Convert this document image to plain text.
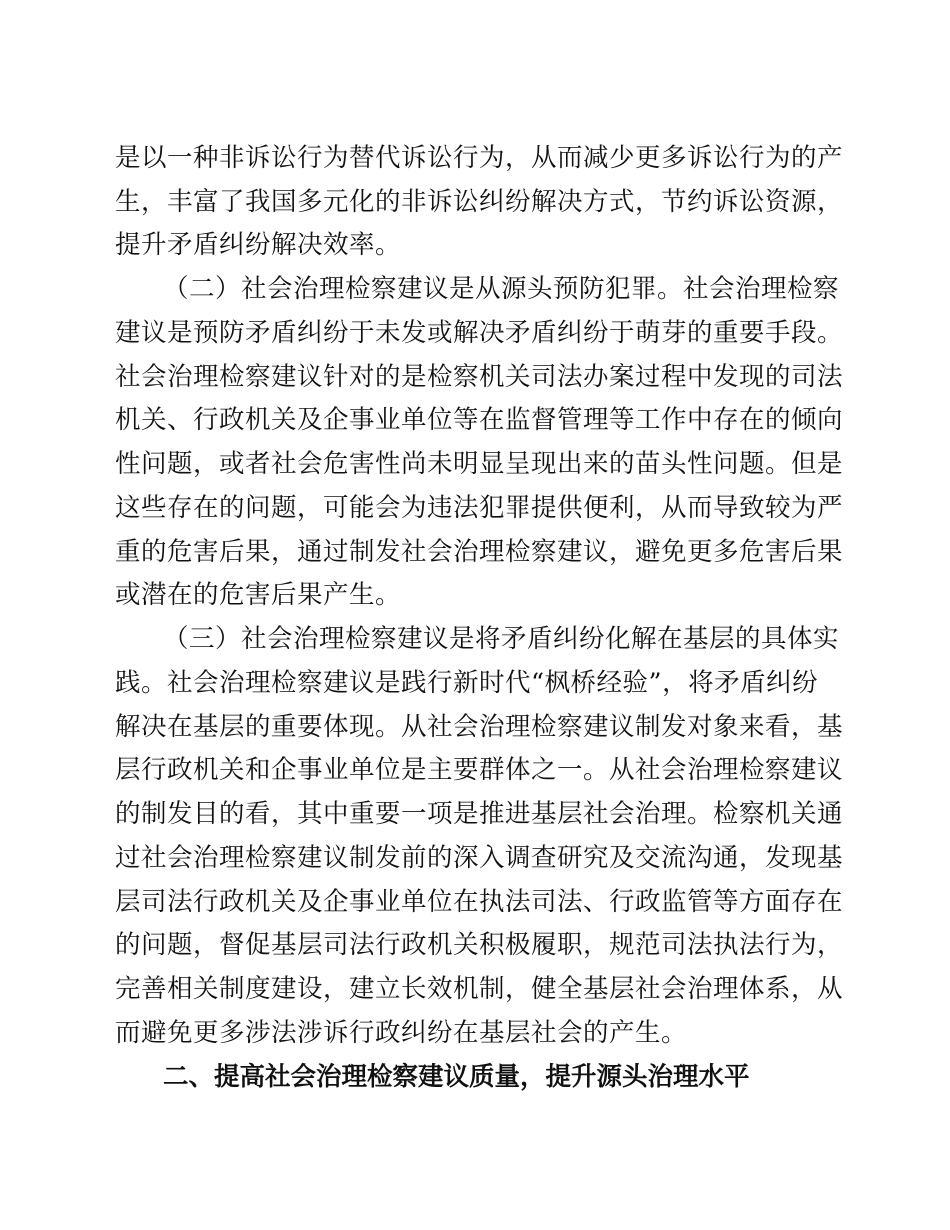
是以一种非诉讼行为替代诉讼行为，从而减少更多诉讼行为的产
生，丰富了我国多元化的非诉讼纠纷解决方式，节约诉讼资源，
提升矛盾纠纷解决效率。
（二）社会治理检察建议是从源头预防犯罪。社会治理检察
建议是预防矛盾纠纷于未发或解决矛盾纠纷于萌芽的重要手段。
社会治理检察建议针对的是检察机关司法办案过程中发现的司法
机关、行政机关及企事业单位等在监督管理等工作中存在的倾向
性问题，或者社会危害性尚未明显呈现出来的苗头性问题。但是
这些存在的问题，可能会为违法犯罪提供便利，从而导致较为严
重的危害后果，通过制发社会治理检察建议，避免更多危害后果
或潜在的危害后果产生。
（三）社会治理检察建议是将矛盾纠纷化解在基层的具体实
践。社会治理检察建议是践行新时代“枫桥经验”，将矛盾纠纷
解决在基层的重要体现。从社会治理检察建议制发对象来看，基
层行政机关和企事业单位是主要群体之一。从社会治理检察建议
的制发目的看，其中重要一项是推进基层社会治理。检察机关通
过社会治理检察建议制发前的深入调查研究及交流沟通，发现基
层司法行政机关及企事业单位在执法司法、行政监管等方面存在
的问题，督促基层司法行政机关积极履职，规范司法执法行为，
完善相关制度建设，建立长效机制，健全基层社会治理体系，从
而避免更多涉法涉诉行政纠纷在基层社会的产生。
二、提高社会治理检察建议质量，提升源头治理水平
